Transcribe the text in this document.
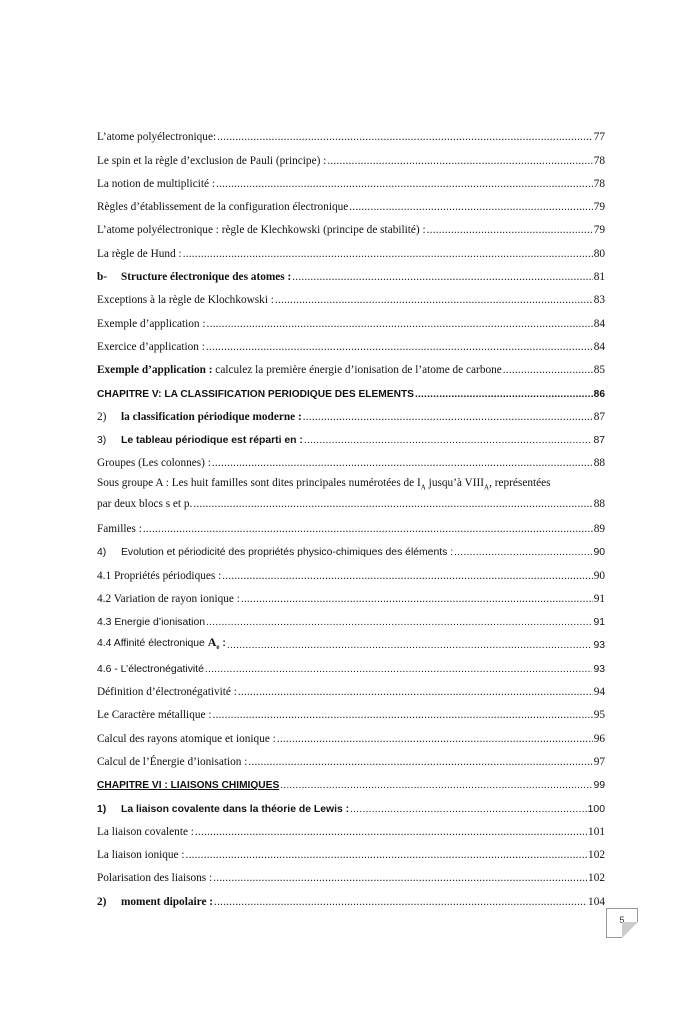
L’atome polyélectronique: .....	77
Le spin et la règle d’exclusion de Pauli (principe) : .....	78
La notion de multiplicité : .....	78
Règles d’établissement de la configuration électronique .....	79
L’atome polyélectronique : règle de Klechkowski (principe de stabilité) : .....	79
La règle de Hund : .....	80
b- Structure électronique des atomes : .....	81
Exceptions à la règle de Klochkowski : .....	83
Exemple d’application : .....	84
Exercice d’application : .....	84
Exemple d’application : calculez la première énergie d’ionisation de l’atome de carbone .....	85
CHAPITRE V: LA CLASSIFICATION PERIODIQUE DES ELEMENTS .....	86
2) la classification périodique moderne : .....	87
3) Le tableau périodique est réparti en : .....	87
Groupes (Les colonnes) : .....	88
Sous groupe A : Les huit familles sont dites principales numérotées de $I_A$ jusqu’à $VIII_A$, représentées
par deux blocs s et p. .....	88
Familles : .....	89
4) Evolution et périodicité des propriétés physico-chimiques des éléments : .....	90
4.1 Propriétés périodiques : .....	90
4.2 Variation de rayon ionique : .....	91
4.3 Energie d’ionisation .....	91
4.4 Affinité électronique $A_e$ : .....	93
4.6 - L’électronégativité .....	93
Définition d’électronégativité : .....	94
Le Caractère métallique : .....	95
Calcul des rayons atomique et ionique : .....	96
Calcul de l’Énergie d’ionisation : .....	97
CHAPITRE VI : LIAISONS CHIMIQUES .....	99
1) La liaison covalente dans la théorie de Lewis : .....	100
La liaison covalente : .....	101
La liaison ionique : .....	102
Polarisation des liaisons : .....	102
2) moment dipolaire : .....	104
5
